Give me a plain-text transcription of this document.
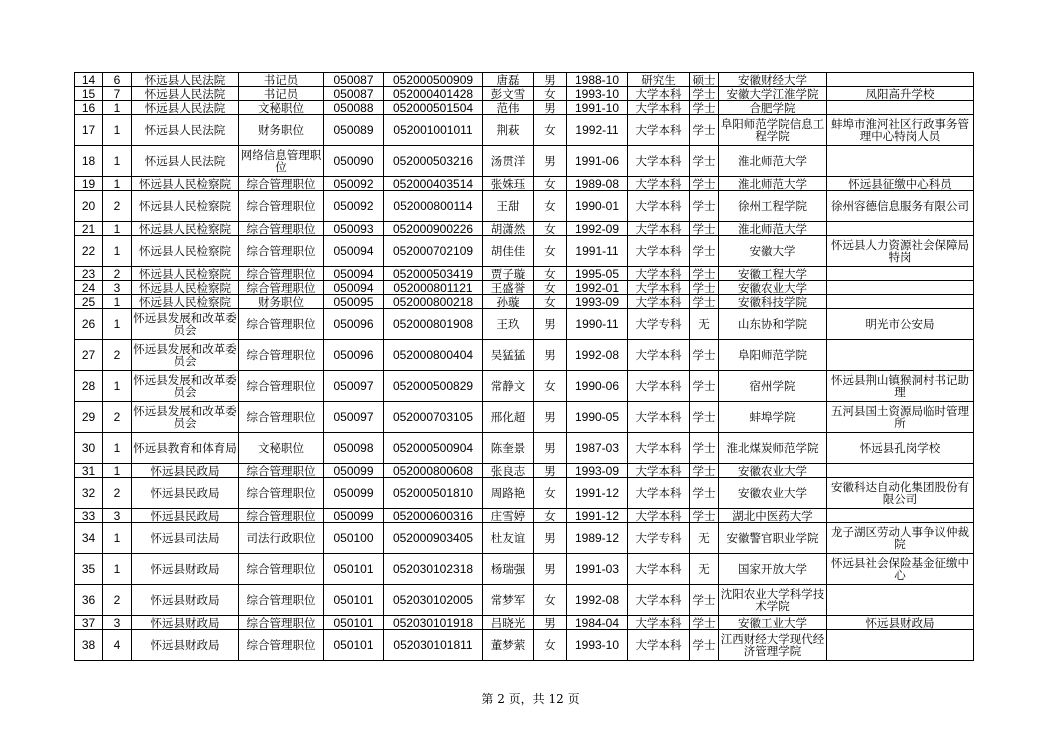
14	6	怀远县人民法院	书记员	050087	052000500909	唐磊	男	1988-10	研究生	硕士	安徽财经大学	
15	7	怀远县人民法院	书记员	050087	052000401428	彭文雪	女	1993-10	大学本科	学士	安徽大学江淮学院	凤阳高升学校
16	1	怀远县人民法院	文秘职位	050088	052000501504	范伟	男	1991-10	大学本科	学士	合肥学院	
17	1	怀远县人民法院	财务职位	050089	052001001011	荆萩	女	1992-11	大学本科	学士	阜阳师范学院信息工程学院	蚌埠市淮河社区行政事务管理中心特岗人员
18	1	怀远县人民法院	网络信息管理职位	050090	052000503216	汤贯洋	男	1991-06	大学本科	学士	淮北师范大学	
19	1	怀远县人民检察院	综合管理职位	050092	052000403514	张姝珏	女	1989-08	大学本科	学士	淮北师范大学	怀远县征缴中心科员
20	2	怀远县人民检察院	综合管理职位	050092	052000800114	王甜	女	1990-01	大学本科	学士	徐州工程学院	徐州容德信息服务有限公司
21	1	怀远县人民检察院	综合管理职位	050093	052000900226	胡潇然	女	1992-09	大学本科	学士	淮北师范大学	
22	1	怀远县人民检察院	综合管理职位	050094	052000702109	胡佳佳	女	1991-11	大学本科	学士	安徽大学	怀远县人力资源社会保障局特岗
23	2	怀远县人民检察院	综合管理职位	050094	052000503419	贾子璇	女	1995-05	大学本科	学士	安徽工程大学	
24	3	怀远县人民检察院	综合管理职位	050094	052000801121	王盛誉	女	1992-01	大学本科	学士	安徽农业大学	
25	1	怀远县人民检察院	财务职位	050095	052000800218	孙璇	女	1993-09	大学本科	学士	安徽科技学院	
26	1	怀远县发展和改革委员会	综合管理职位	050096	052000801908	王玖	男	1990-11	大学专科	无	山东协和学院	明光市公安局
27	2	怀远县发展和改革委员会	综合管理职位	050096	052000800404	吴猛猛	男	1992-08	大学本科	学士	阜阳师范学院	
28	1	怀远县发展和改革委员会	综合管理职位	050097	052000500829	常静文	女	1990-06	大学本科	学士	宿州学院	怀远县荆山镇猴洞村书记助理
29	2	怀远县发展和改革委员会	综合管理职位	050097	052000703105	邢化超	男	1990-05	大学本科	学士	蚌埠学院	五河县国土资源局临时管理所
30	1	怀远县教育和体育局	文秘职位	050098	052000500904	陈奎景	男	1987-03	大学本科	学士	淮北煤炭师范学院	怀远县孔岗学校
31	1	怀远县民政局	综合管理职位	050099	052000800608	张良志	男	1993-09	大学本科	学士	安徽农业大学	
32	2	怀远县民政局	综合管理职位	050099	052000501810	周路艳	女	1991-12	大学本科	学士	安徽农业大学	安徽科达自动化集团股份有限公司
33	3	怀远县民政局	综合管理职位	050099	052000600316	庄雪婷	女	1991-12	大学本科	学士	湖北中医药大学	
34	1	怀远县司法局	司法行政职位	050100	052000903405	杜友谊	男	1989-12	大学专科	无	安徽警官职业学院	龙子湖区劳动人事争议仲裁院
35	1	怀远县财政局	综合管理职位	050101	052030102318	杨瑞强	男	1991-03	大学本科	无	国家开放大学	怀远县社会保险基金征缴中心
36	2	怀远县财政局	综合管理职位	050101	052030102005	常梦军	女	1992-08	大学本科	学士	沈阳农业大学科学技术学院	
37	3	怀远县财政局	综合管理职位	050101	052030101918	吕晓光	男	1984-04	大学本科	学士	安徽工业大学	怀远县财政局
38	4	怀远县财政局	综合管理职位	050101	052030101811	董梦萦	女	1993-10	大学本科	学士	江西财经大学现代经济管理学院	
第 2 页，共 12 页
